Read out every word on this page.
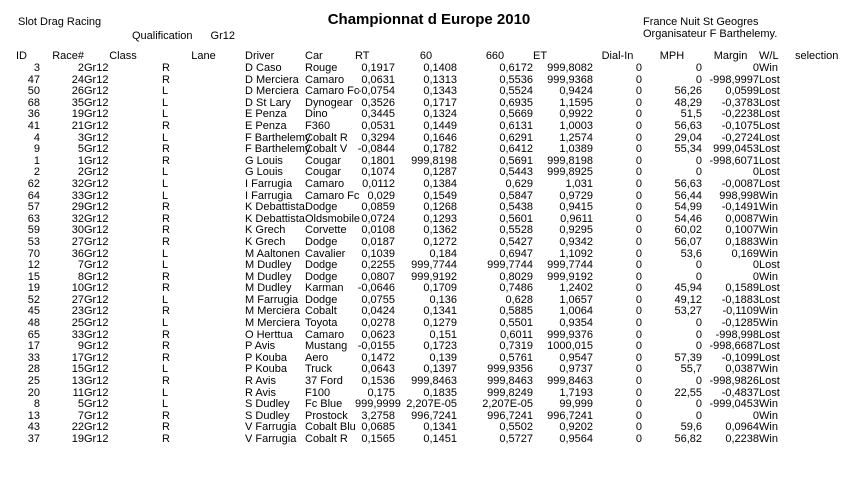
Slot Drag Racing
Qualification Gr12
Championnat d Europe 2010	France Nuit St Geogres
Organisateur F Barthelemy.
ID	Race#	Class	Lane	Driver	Car	RT	60	660	ET	Dial-In	MPH	Margin	W/L	selection
3	2	Gr12	R	D Caso	Rouge	0,1917	0,1408	0,6172	999,8082	0	0	0	Win	
47	24	Gr12	R	D Merciera	Camaro	0,0631	0,1313	0,5536	999,9368	0	0	-998,9997	Lost	
50	26	Gr12	L	D Merciera	Camaro Fc	-0,0754	0,1343	0,5524	0,9424	0	56,26	0,0599	Lost	
68	35	Gr12	L	D St Lary	Dynogear	0,3526	0,1717	0,6935	1,1595	0	48,29	-0,3783	Lost	
36	19	Gr12	L	E Penza	Dino	0,3445	0,1324	0,5669	0,9922	0	51,5	-0,2238	Lost	
41	21	Gr12	R	E Penza	F360	0,0531	0,1449	0,6131	1,0003	0	56,63	-0,1075	Lost	
4	3	Gr12	L	F Barthelemy	Cobalt R	0,3294	0,1646	0,6291	1,2574	0	29,04	-0,2724	Lost	
9	5	Gr12	R	F Barthelemy	Cobalt V	-0,0844	0,1782	0,6412	1,0389	0	55,34	999,0453	Lost	
1	1	Gr12	R	G Louis	Cougar	0,1801	999,8198	0,5691	999,8198	0	0	-998,6071	Lost	
2	2	Gr12	L	G Louis	Cougar	0,1074	0,1287	0,5443	999,8925	0	0	0	Lost	
62	32	Gr12	L	I Farrugia	Camaro	0,0112	0,1384	0,629	1,031	0	56,63	-0,0087	Lost	
64	33	Gr12	L	I Farrugia	Camaro Fc	0,029	0,1549	0,5847	0,9729	0	56,44	998,998	Win	
57	29	Gr12	R	K Debattista	Dodge	0,0859	0,1268	0,5438	0,9415	0	54,99	-0,1491	Win	
63	32	Gr12	R	K Debattista	Oldsmobile	0,0724	0,1293	0,5601	0,9611	0	54,46	0,0087	Win	
59	30	Gr12	R	K Grech	Corvette	0,0108	0,1362	0,5528	0,9295	0	60,02	0,1007	Win	
53	27	Gr12	R	K Grech	Dodge	0,0187	0,1272	0,5427	0,9342	0	56,07	0,1883	Win	
70	36	Gr12	L	M Aaltonen	Cavalier	0,1039	0,184	0,6947	1,1092	0	53,6	0,169	Win	
12	7	Gr12	L	M Dudley	Dodge	0,2255	999,7744	999,7744	999,7744	0	0	0	Lost	
15	8	Gr12	R	M Dudley	Dodge	0,0807	999,9192	0,8029	999,9192	0	0	0	Win	
19	10	Gr12	R	M Dudley	Karman	-0,0646	0,1709	0,7486	1,2402	0	45,94	0,1589	Lost	
52	27	Gr12	L	M Farrugia	Dodge	0,0755	0,136	0,628	1,0657	0	49,12	-0,1883	Lost	
45	23	Gr12	R	M Merciera	Cobalt	0,0424	0,1341	0,5885	1,0064	0	53,27	-0,1109	Win	
48	25	Gr12	L	M Merciera	Toyota	0,0278	0,1279	0,5501	0,9354	0	0	-0,1285	Win	
65	33	Gr12	R	O Herttua	Camaro	0,0623	0,151	0,6011	999,9376	0	0	-998,998	Lost	
17	9	Gr12	R	P Avis	Mustang	-0,0155	0,1723	0,7319	1000,015	0	0	-998,6687	Lost	
33	17	Gr12	R	P Kouba	Aero	0,1472	0,139	0,5761	0,9547	0	57,39	-0,1099	Lost	
28	15	Gr12	L	P Kouba	Truck	0,0643	0,1397	999,9356	0,9737	0	55,7	0,0387	Win	
25	13	Gr12	R	R Avis	37 Ford	0,1536	999,8463	999,8463	999,8463	0	0	-998,9826	Lost	
20	11	Gr12	L	R Avis	F100	0,175	0,1835	999,8249	1,7193	0	22,55	-0,4837	Lost	
8	5	Gr12	L	S Dudley	Fc Blue	999,9999	2,207E-05	2,207E-05	99,999	0	0	-999,0453	Win	
13	7	Gr12	R	S Dudley	Prostock	3,2758	996,7241	996,7241	996,7241	0	0	0	Win	
43	22	Gr12	R	V Farrugia	Cobalt Blu	0,0685	0,1341	0,5502	0,9202	0	59,6	0,0964	Win	
37	19	Gr12	R	V Farrugia	Cobalt R	0,1565	0,1451	0,5727	0,9564	0	56,82	0,2238	Win	
